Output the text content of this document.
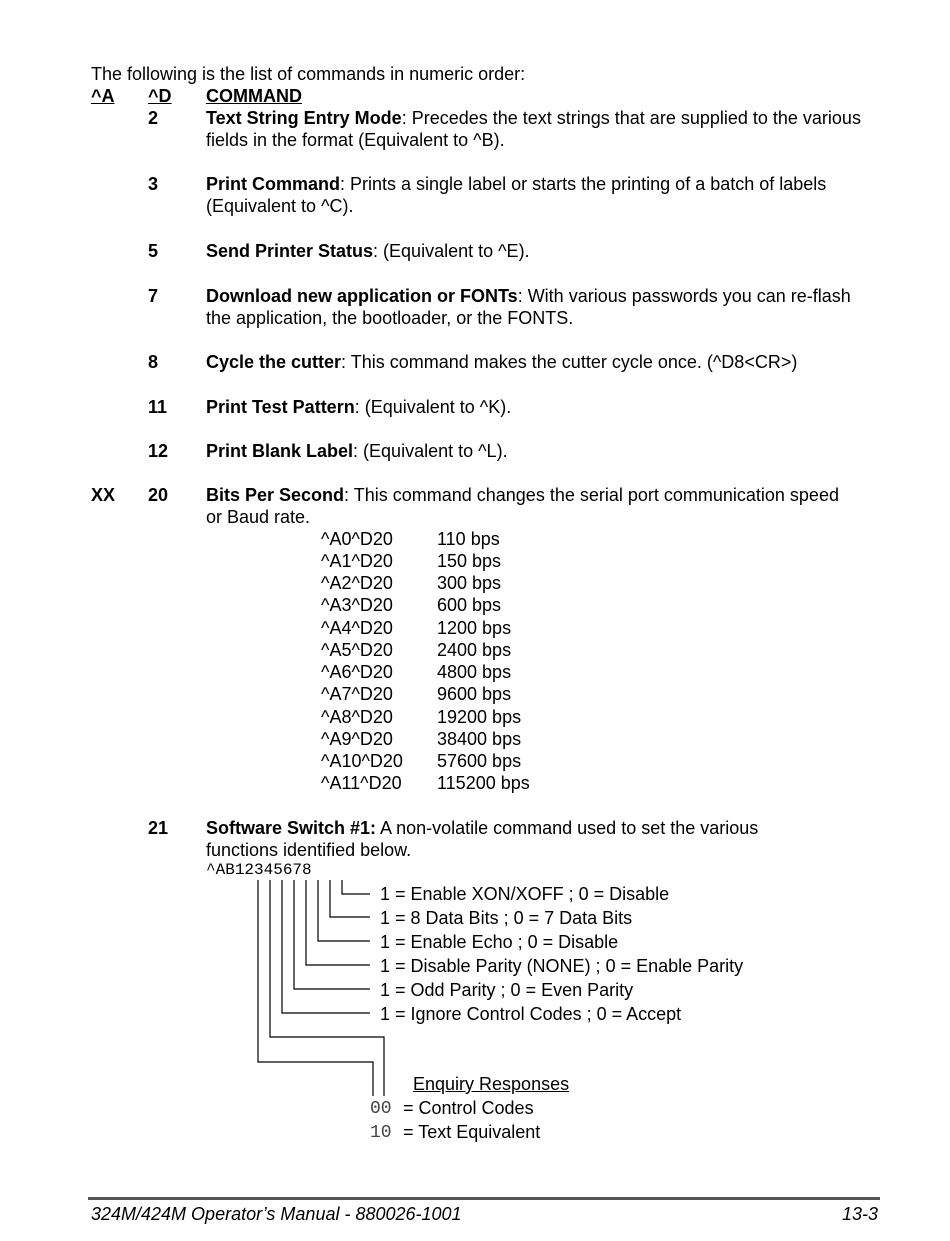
The following is the list of commands in numeric order:
^A ^D COMMAND
2	Text String Entry Mode: Precedes the text strings that are supplied to the various fields in the format (Equivalent to ^B).
3	Print Command: Prints a single label or starts the printing of a batch of labels (Equivalent to ^C).
5	Send Printer Status: (Equivalent to ^E).
7	Download new application or FONTs: With various passwords you can re-flash the application, the bootloader, or the FONTS.
8	Cycle the cutter: This command makes the cutter cycle once. (^D8<CR>)
11 Print Test Pattern: (Equivalent to ^K).
12 Print Blank Label: (Equivalent to ^L).
XX 20 Bits Per Second: This command changes the serial port communication speed or Baud rate.
^A0^D20 110 bps
^A1^D20 150 bps
^A2^D20 300 bps
^A3^D20 600 bps
^A4^D20 1200 bps
^A5^D20 2400 bps
^A6^D20 4800 bps
^A7^D20 9600 bps
^A8^D20 19200 bps
^A9^D20 38400 bps
^A10^D20 57600 bps
^A11^D20 115200 bps
21 Software Switch #1: A non-volatile command used to set the various functions identified below.
^AB12345678
1 = Enable XON/XOFF ; 0 = Disable
1 = 8 Data Bits ; 0 = 7 Data Bits
1 = Enable Echo ; 0 = Disable
1 = Disable Parity (NONE) ; 0 = Enable Parity
1 = Odd Parity ; 0 = Even Parity
1 = Ignore Control Codes ; 0 = Accept
Enquiry Responses
00 = Control Codes
10 = Text Equivalent
324M/424M Operator’s Manual - 880026-1001	13-3
